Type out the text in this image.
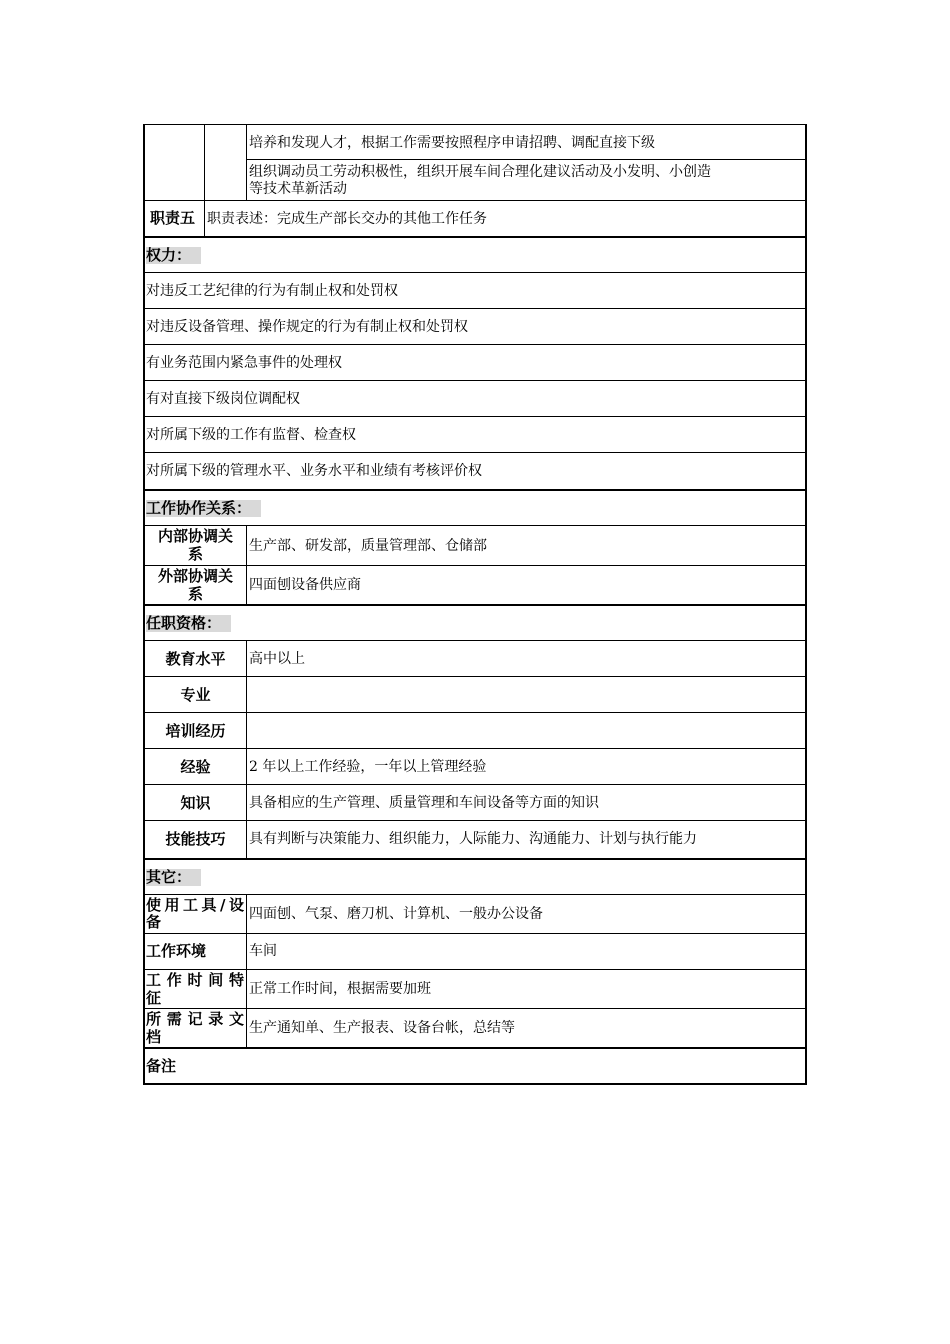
培养和发现人才，根据工作需要按照程序申请招聘、调配直接下级
组织调动员工劳动积极性，组织开展车间合理化建议活动及小发明、小创造
等技术革新活动
职责五 职责表述：完成生产部长交办的其他工作任务
权力：
对违反工艺纪律的行为有制止权和处罚权
对违反设备管理、操作规定的行为有制止权和处罚权
有业务范围内紧急事件的处理权
有对直接下级岗位调配权
对所属下级的工作有监督、检查权
对所属下级的管理水平、业务水平和业绩有考核评价权
工作协作关系：
内部协调关
系	生产部、研发部，质量管理部、仓储部
外部协调关
系	四面刨设备供应商
任职资格：
教育水平	高中以上
专业
培训经历
经验	2 年以上工作经验，一年以上管理经验
知识	具备相应的生产管理、质量管理和车间设备等方面的知识
技能技巧	具有判断与决策能力、组织能力，人际能力、沟通能力、计划与执行能力
其它：
使用工具/设
备	四面刨、气泵、磨刀机、计算机、一般办公设备
工作环境	车间
工作时间特
征	正常工作时间，根据需要加班
所需记录文
档	生产通知单、生产报表、设备台帐，总结等
备注
